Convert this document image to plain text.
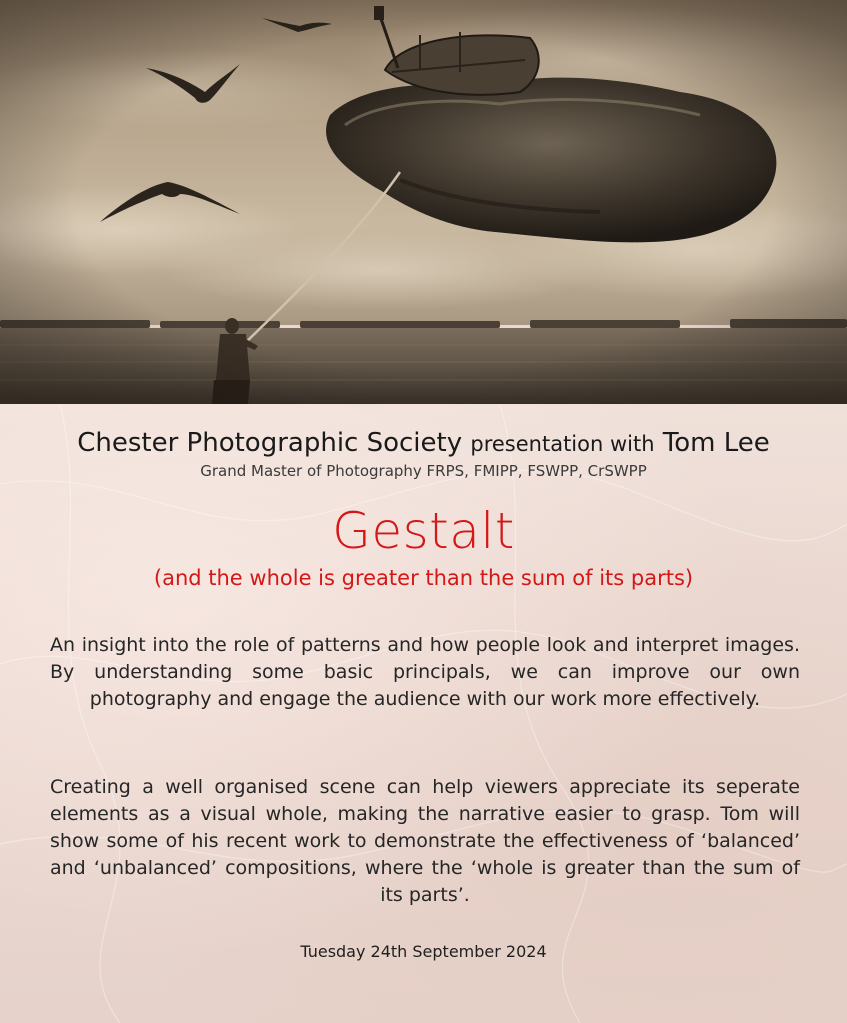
Chester Photographic Society presentation with Tom Lee
Grand Master of Photography FRPS, FMIPP, FSWPP, CrSWPP
Gestalt
(and the whole is greater than the sum of its parts)
An insight into the role of patterns and how people look and interpret images. By understanding some basic principals, we can improve our own photography and engage the audience with our work more effectively.
Creating a well organised scene can help viewers appreciate its seperate elements as a visual whole, making the narrative easier to grasp. Tom will show some of his recent work to demonstrate the effectiveness of ‘balanced’ and ‘unbalanced’ compositions, where the ‘whole is greater than the sum of its parts’.
Tuesday 24th September 2024
